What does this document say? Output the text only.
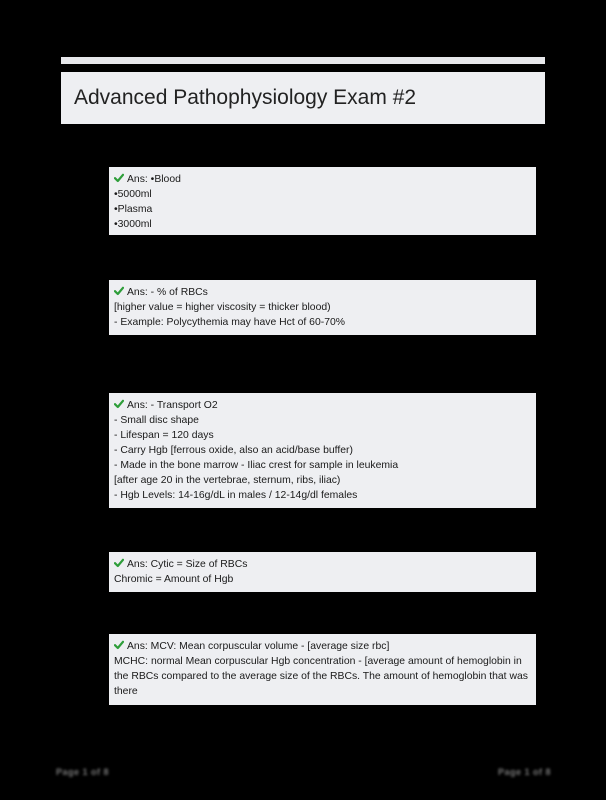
Advanced Pathophysiology Exam #2
Ans: •Blood
•5000ml
•Plasma
•3000ml
Ans: - % of RBCs
[higher value = higher viscosity = thicker blood)
- Example: Polycythemia may have Hct of 60-70%
Ans: - Transport O2
- Small disc shape
- Lifespan = 120 days
- Carry Hgb [ferrous oxide, also an acid/base buffer)
- Made in the bone marrow - Iliac crest for sample in leukemia
[after age 20 in the vertebrae, sternum, ribs, iliac)
- Hgb Levels: 14-16g/dL in males / 12-14g/dl females
Ans: Cytic = Size of RBCs
Chromic = Amount of Hgb
Ans: MCV: Mean corpuscular volume - [average size rbc]
MCHC: normal Mean corpuscular Hgb concentration - [average amount of hemoglobin in the RBCs compared to the average size of the RBCs. The amount of hemoglobin that was there
Page 1 of 8	Page 1 of 8
